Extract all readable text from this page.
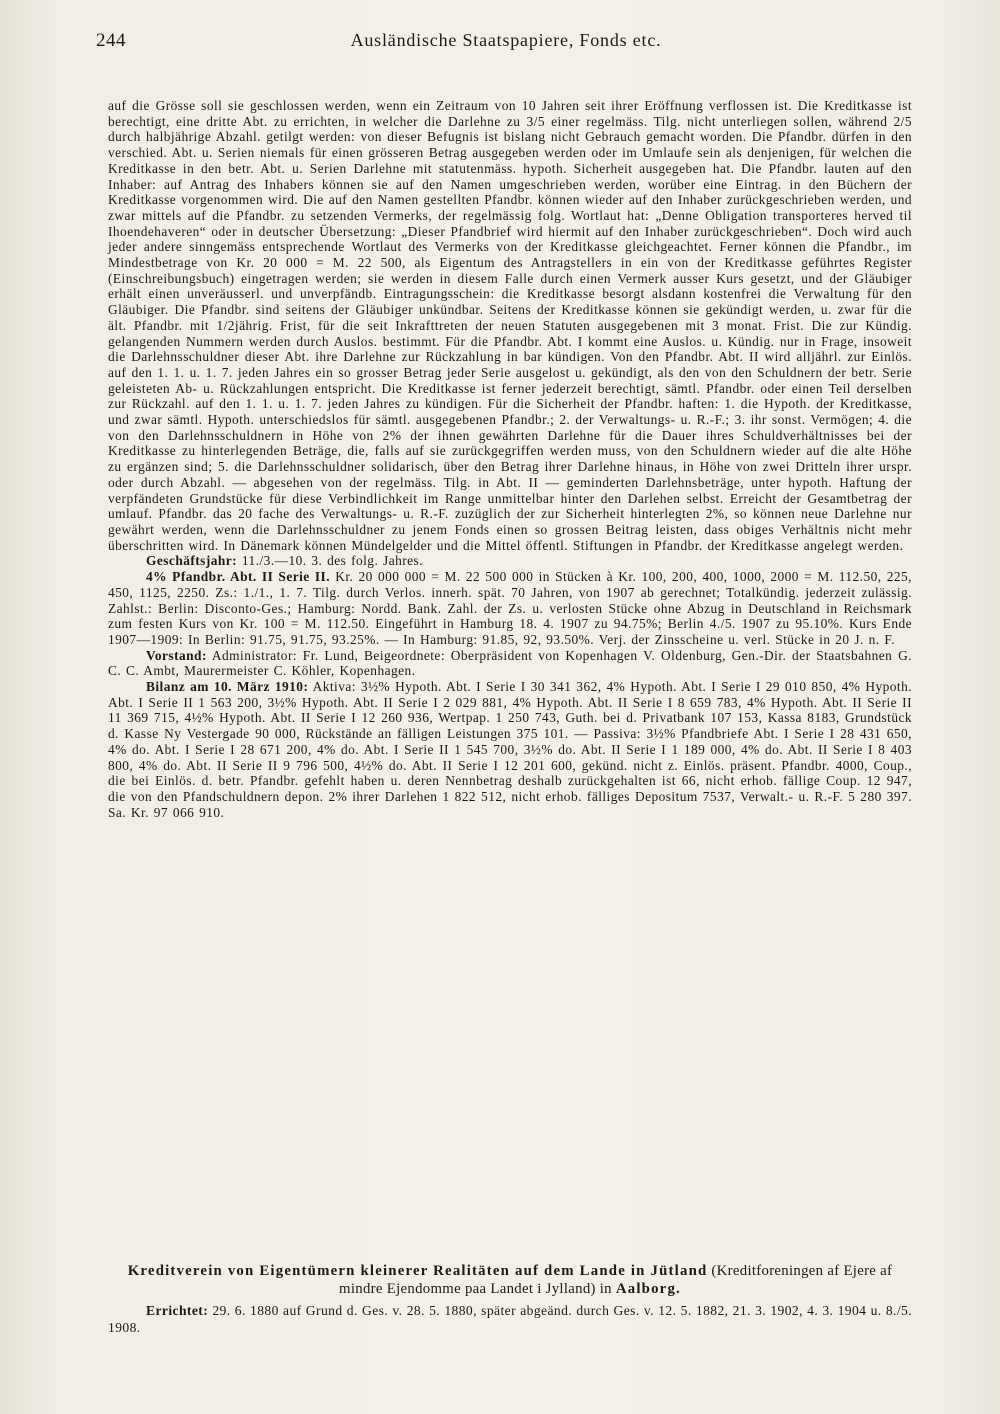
244	Ausländische Staatspapiere, Fonds etc.

auf die Grösse soll sie geschlossen werden, wenn ein Zeitraum von 10 Jahren seit ihrer Eröffnung verflossen ist. Die Kreditkasse ist berechtigt, eine dritte Abt. zu errichten, in welcher die Darlehne zu 3/5 einer regelmäss. Tilg. nicht unterliegen sollen, während 2/5 durch halbjährige Abzahl. getilgt werden: von dieser Befugnis ist bislang nicht Gebrauch gemacht worden. Die Pfandbr. dürfen in den verschied. Abt. u. Serien niemals für einen grösseren Betrag ausgegeben werden oder im Umlaufe sein als denjenigen, für welchen die Kreditkasse in den betr. Abt. u. Serien Darlehne mit statutenmäss. hypoth. Sicherheit ausgegeben hat. Die Pfandbr. lauten auf den Inhaber: auf Antrag des Inhabers können sie auf den Namen umgeschrieben werden, worüber eine Eintrag. in den Büchern der Kreditkasse vorgenommen wird. Die auf den Namen gestellten Pfandbr. können wieder auf den Inhaber zurückgeschrieben werden, und zwar mittels auf die Pfandbr. zu setzenden Vermerks, der regelmässig folg. Wortlaut hat: „Denne Obligation transporteres herved til Ihoendehaveren“ oder in deutscher Übersetzung: „Dieser Pfandbrief wird hiermit auf den Inhaber zurückgeschrieben“. Doch wird auch jeder andere sinngemäss entsprechende Wortlaut des Vermerks von der Kreditkasse gleichgeachtet. Ferner können die Pfandbr., im Mindestbetrage von Kr. 20 000 = M. 22 500, als Eigentum des Antragstellers in ein von der Kreditkasse geführtes Register (Einschreibungsbuch) eingetragen werden; sie werden in diesem Falle durch einen Vermerk ausser Kurs gesetzt, und der Gläubiger erhält einen unveräusserl. und unverpfändb. Eintragungsschein: die Kreditkasse besorgt alsdann kostenfrei die Verwaltung für den Gläubiger. Die Pfandbr. sind seitens der Gläubiger unkündbar. Seitens der Kreditkasse können sie gekündigt werden, u. zwar für die ält. Pfandbr. mit 1/2jährig. Frist, für die seit Inkrafttreten der neuen Statuten ausgegebenen mit 3 monat. Frist. Die zur Kündig. gelangenden Nummern werden durch Auslos. bestimmt. Für die Pfandbr. Abt. I kommt eine Auslos. u. Kündig. nur in Frage, insoweit die Darlehnsschuldner dieser Abt. ihre Darlehne zur Rückzahlung in bar kündigen. Von den Pfandbr. Abt. II wird alljährl. zur Einlös. auf den 1. 1. u. 1. 7. jeden Jahres ein so grosser Betrag jeder Serie ausgelost u. gekündigt, als den von den Schuldnern der betr. Serie geleisteten Ab- u. Rückzahlungen entspricht. Die Kreditkasse ist ferner jederzeit berechtigt, sämtl. Pfandbr. oder einen Teil derselben zur Rückzahl. auf den 1. 1. u. 1. 7. jeden Jahres zu kündigen. Für die Sicherheit der Pfandbr. haften: 1. die Hypoth. der Kreditkasse, und zwar sämtl. Hypoth. unterschiedslos für sämtl. ausgegebenen Pfandbr.; 2. der Verwaltungs- u. R.-F.; 3. ihr sonst. Vermögen; 4. die von den Darlehnsschuldnern in Höhe von 2% der ihnen gewährten Darlehne für die Dauer ihres Schuldverhältnisses bei der Kreditkasse zu hinterlegenden Beträge, die, falls auf sie zurückgegriffen werden muss, von den Schuldnern wieder auf die alte Höhe zu ergänzen sind; 5. die Darlehnsschuldner solidarisch, über den Betrag ihrer Darlehne hinaus, in Höhe von zwei Dritteln ihrer urspr. oder durch Abzahl. — abgesehen von der regelmäss. Tilg. in Abt. II — geminderten Darlehnsbeträge, unter hypoth. Haftung der verpfändeten Grundstücke für diese Verbindlichkeit im Range unmittelbar hinter den Darlehen selbst. Erreicht der Gesamtbetrag der umlauf. Pfandbr. das 20 fache des Verwaltungs- u. R.-F. zuzüglich der zur Sicherheit hinterlegten 2%, so können neue Darlehne nur gewährt werden, wenn die Darlehnsschuldner zu jenem Fonds einen so grossen Beitrag leisten, dass obiges Verhältnis nicht mehr überschritten wird. In Dänemark können Mündelgelder und die Mittel öffentl. Stiftungen in Pfandbr. der Kreditkasse angelegt werden.

Geschäftsjahr: 11./3.—10. 3. des folg. Jahres.

4% Pfandbr. Abt. II Serie II. Kr. 20 000 000 = M. 22 500 000 in Stücken à Kr. 100, 200, 400, 1000, 2000 = M. 112.50, 225, 450, 1125, 2250. Zs.: 1./1., 1. 7. Tilg. durch Verlos. innerh. spät. 70 Jahren, von 1907 ab gerechnet; Totalkündig. jederzeit zulässig. Zahlst.: Berlin: Disconto-Ges.; Hamburg: Nordd. Bank. Zahl. der Zs. u. verlosten Stücke ohne Abzug in Deutschland in Reichsmark zum festen Kurs von Kr. 100 = M. 112.50. Eingeführt in Hamburg 18. 4. 1907 zu 94.75%; Berlin 4./5. 1907 zu 95.10%. Kurs Ende 1907—1909: In Berlin: 91.75, 91.75, 93.25%. — In Hamburg: 91.85, 92, 93.50%. Verj. der Zinsscheine u. verl. Stücke in 20 J. n. F.

Vorstand: Administrator: Fr. Lund, Beigeordnete: Oberpräsident von Kopenhagen V. Oldenburg, Gen.-Dir. der Staatsbahnen G. C. C. Ambt, Maurermeister C. Köhler, Kopenhagen.

Bilanz am 10. März 1910: Aktiva: 3½% Hypoth. Abt. I Serie I 30 341 362, 4% Hypoth. Abt. I Serie I 29 010 850, 4% Hypoth. Abt. I Serie II 1 563 200, 3½% Hypoth. Abt. II Serie I 2 029 881, 4% Hypoth. Abt. II Serie I 8 659 783, 4% Hypoth. Abt. II Serie II 11 369 715, 4½% Hypoth. Abt. II Serie I 12 260 936, Wertpap. 1 250 743, Guth. bei d. Privatbank 107 153, Kassa 8183, Grundstück d. Kasse Ny Vestergade 90 000, Rückstände an fälligen Leistungen 375 101. — Passiva: 3½% Pfandbriefe Abt. I Serie I 28 431 650, 4% do. Abt. I Serie I 28 671 200, 4% do. Abt. I Serie II 1 545 700, 3½% do. Abt. II Serie I 1 189 000, 4% do. Abt. II Serie I 8 403 800, 4% do. Abt. II Serie II 9 796 500, 4½% do. Abt. II Serie I 12 201 600, gekünd. nicht z. Einlös. präsent. Pfandbr. 4000, Coup., die bei Einlös. d. betr. Pfandbr. gefehlt haben u. deren Nennbetrag deshalb zurückgehalten ist 66, nicht erhob. fällige Coup. 12 947, die von den Pfandschuldnern depon. 2% ihrer Darlehen 1 822 512, nicht erhob. fälliges Depositum 7537, Verwalt.- u. R.-F. 5 280 397. Sa. Kr. 97 066 910.

Kreditverein von Eigentümern kleinerer Realitäten auf dem Lande in Jütland (Kreditforeningen af Ejere af mindre Ejendomme paa Landet i Jylland) in Aalborg.
Errichtet: 29. 6. 1880 auf Grund d. Ges. v. 28. 5. 1880, später abgeänd. durch Ges. v. 12. 5. 1882, 21. 3. 1902, 4. 3. 1904 u. 8./5. 1908.
